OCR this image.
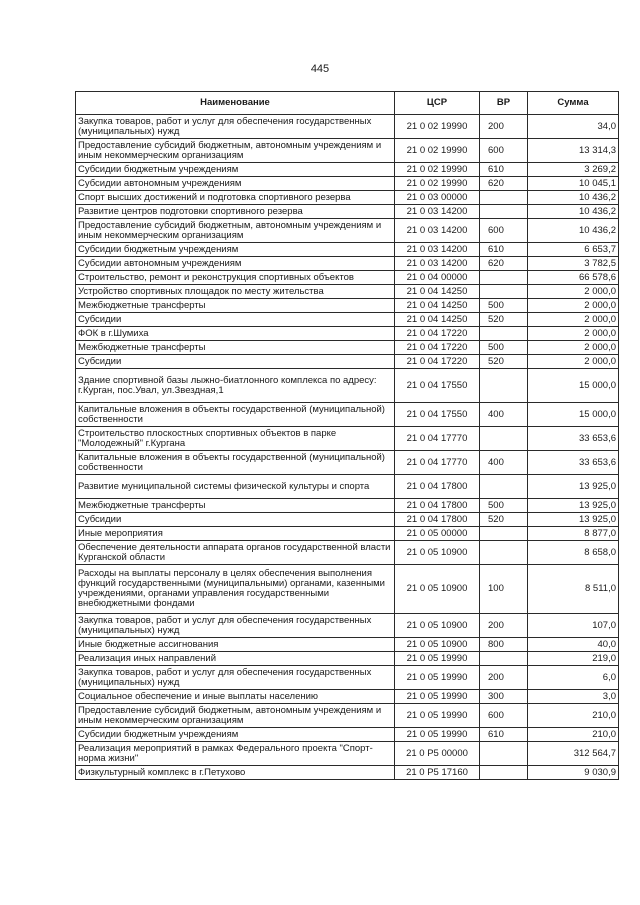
445
Наименование	ЦСР	ВР	Сумма
Закупка товаров, работ и услуг для обеспечения государственных (муниципальных) нужд	21 0 02 19990	200	34,0
Предоставление субсидий бюджетным, автономным учреждениям и иным некоммерческим организациям	21 0 02 19990	600	13 314,3
Субсидии бюджетным учреждениям	21 0 02 19990	610	3 269,2
Субсидии автономным учреждениям	21 0 02 19990	620	10 045,1
Спорт высших достижений и подготовка спортивного резерва	21 0 03 00000		10 436,2
Развитие центров подготовки спортивного резерва	21 0 03 14200		10 436,2
Предоставление субсидий бюджетным, автономным учреждениям и иным некоммерческим организациям	21 0 03 14200	600	10 436,2
Субсидии бюджетным учреждениям	21 0 03 14200	610	6 653,7
Субсидии автономным учреждениям	21 0 03 14200	620	3 782,5
Строительство, ремонт и реконструкция спортивных объектов	21 0 04 00000		66 578,6
Устройство спортивных площадок по месту жительства	21 0 04 14250		2 000,0
Межбюджетные трансферты	21 0 04 14250	500	2 000,0
Субсидии	21 0 04 14250	520	2 000,0
ФОК в г.Шумиха	21 0 04 17220		2 000,0
Межбюджетные трансферты	21 0 04 17220	500	2 000,0
Субсидии	21 0 04 17220	520	2 000,0
Здание спортивной базы лыжно-биатлонного комплекса по адресу: г.Курган, пос.Увал, ул.Звездная,1	21 0 04 17550		15 000,0
Капитальные вложения в объекты государственной (муниципальной) собственности	21 0 04 17550	400	15 000,0
Строительство плоскостных спортивных объектов в парке "Молодежный" г.Кургана	21 0 04 17770		33 653,6
Капитальные вложения в объекты государственной (муниципальной) собственности	21 0 04 17770	400	33 653,6
Развитие муниципальной системы физической культуры и спорта	21 0 04 17800		13 925,0
Межбюджетные трансферты	21 0 04 17800	500	13 925,0
Субсидии	21 0 04 17800	520	13 925,0
Иные мероприятия	21 0 05 00000		8 877,0
Обеспечение деятельности аппарата органов государственной власти Курганской области	21 0 05 10900		8 658,0
Расходы на выплаты персоналу в целях обеспечения выполнения функций государственными (муниципальными) органами, казенными учреждениями, органами управления государственными внебюджетными фондами	21 0 05 10900	100	8 511,0
Закупка товаров, работ и услуг для обеспечения государственных (муниципальных) нужд	21 0 05 10900	200	107,0
Иные бюджетные ассигнования	21 0 05 10900	800	40,0
Реализация иных направлений	21 0 05 19990		219,0
Закупка товаров, работ и услуг для обеспечения государственных (муниципальных) нужд	21 0 05 19990	200	6,0
Социальное обеспечение и иные выплаты населению	21 0 05 19990	300	3,0
Предоставление субсидий бюджетным, автономным учреждениям и иным некоммерческим организациям	21 0 05 19990	600	210,0
Субсидии бюджетным учреждениям	21 0 05 19990	610	210,0
Реализация мероприятий в рамках Федерального проекта "Спорт-норма жизни"	21 0 P5 00000		312 564,7
Физкультурный комплекс в г.Петухово	21 0 P5 17160		9 030,9
